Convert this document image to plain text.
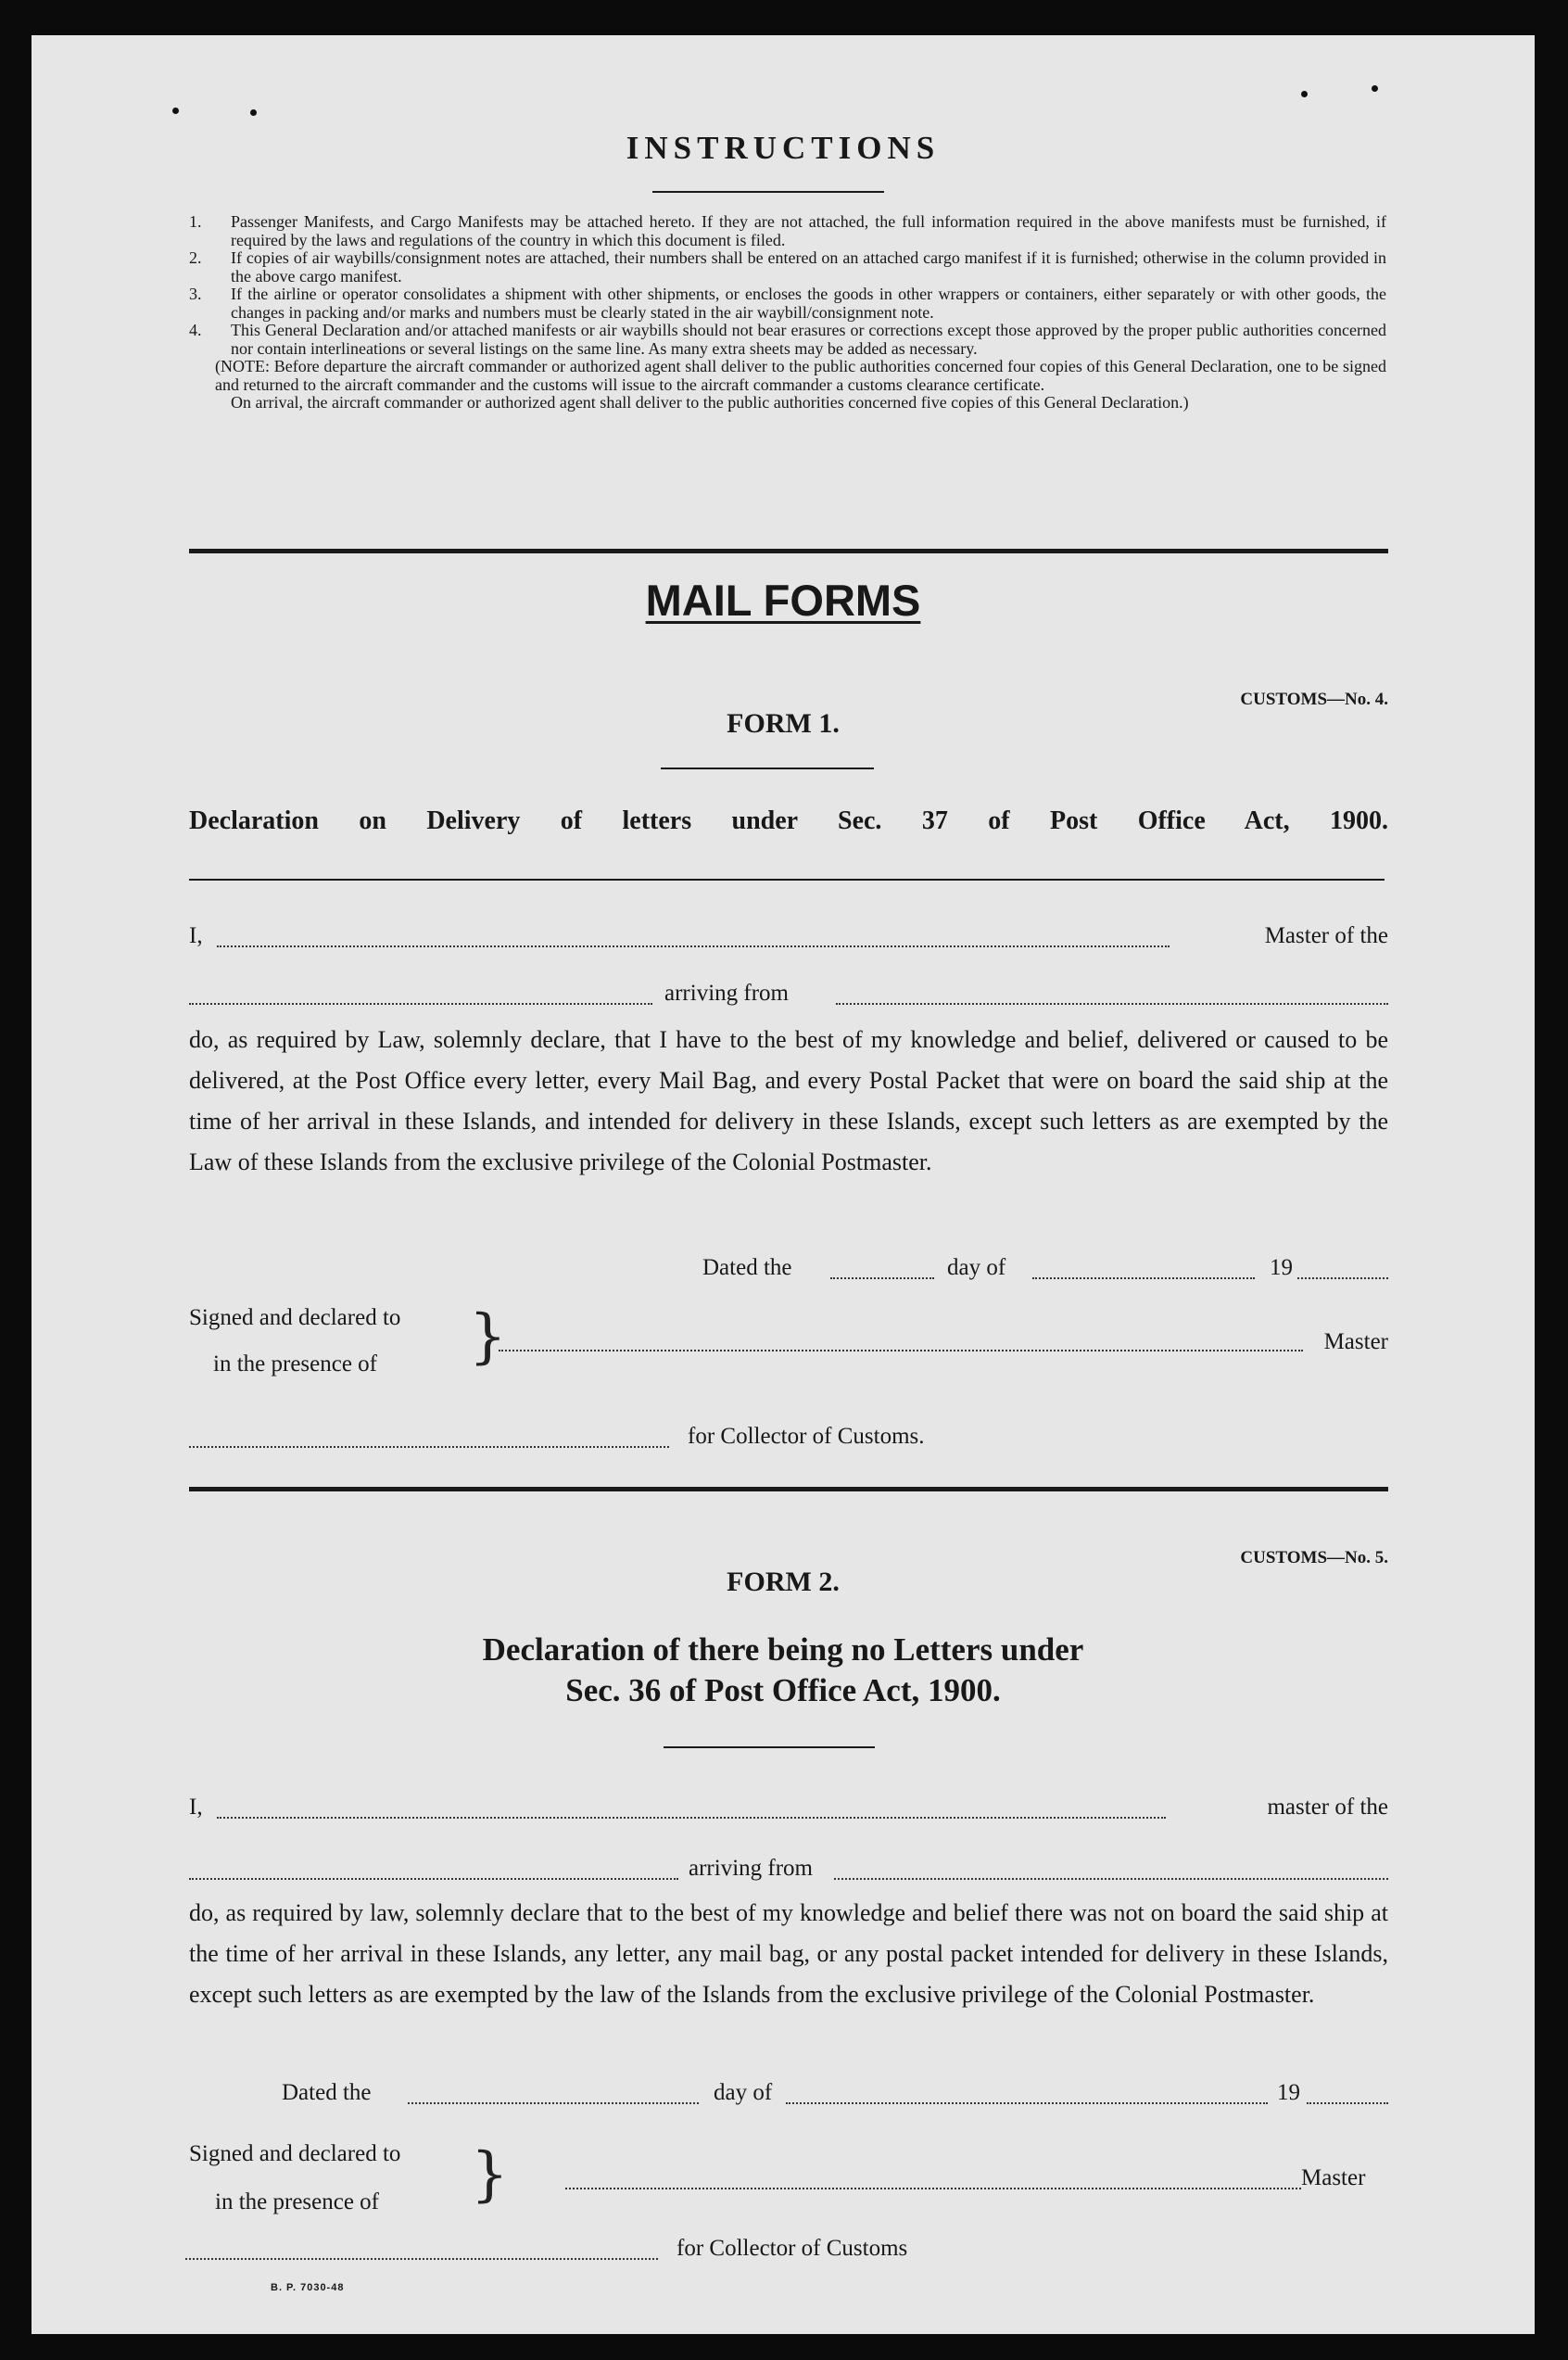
INSTRUCTIONS
1. Passenger Manifests, and Cargo Manifests may be attached hereto. If they are not attached, the full information required in the above manifests must be furnished, if required by the laws and regulations of the country in which this document is filed.
2. If copies of air waybills/consignment notes are attached, their numbers shall be entered on an attached cargo manifest if it is furnished; otherwise in the column provided in the above cargo manifest.
3. If the airline or operator consolidates a shipment with other shipments, or encloses the goods in other wrappers or containers, either separately or with other goods, the changes in packing and/or marks and numbers must be clearly stated in the air waybill/consignment note.
4. This General Declaration and/or attached manifests or air waybills should not bear erasures or corrections except those approved by the proper public authorities concerned nor contain interlineations or several listings on the same line. As many extra sheets may be added as necessary.
(NOTE: Before departure the aircraft commander or authorized agent shall deliver to the public authorities concerned four copies of this General Declaration, one to be signed and returned to the aircraft commander and the customs will issue to the aircraft commander a customs clearance certificate.
On arrival, the aircraft commander or authorized agent shall deliver to the public authorities concerned five copies of this General Declaration.)
MAIL FORMS
CUSTOMS—No. 4.
FORM 1.
Declaration on Delivery of letters under Sec. 37 of Post Office Act, 1900.
I,	Master of the
arriving from
do, as required by Law, solemnly declare, that I have to the best of my knowledge and belief, delivered or caused to be delivered, at the Post Office every letter, every Mail Bag, and every Postal Packet that were on board the said ship at the time of her arrival in these Islands, and intended for delivery in these Islands, except such letters as are exempted by the Law of these Islands from the exclusive privilege of the Colonial Postmaster.
Dated the	day of	19
Signed and declared to
in the presence of }	Master
for Collector of Customs.
CUSTOMS—No. 5.
FORM 2.
Declaration of there being no Letters under
Sec. 36 of Post Office Act, 1900.
I,	master of the
arriving from
do, as required by law, solemnly declare that to the best of my knowledge and belief there was not on board the said ship at the time of her arrival in these Islands, any letter, any mail bag, or any postal packet intended for delivery in these Islands, except such letters as are exempted by the law of the Islands from the exclusive privilege of the Colonial Postmaster.
Dated the	day of	19
Signed and declared to
in the presence of }	Master
for Collector of Customs
B. P. 7030-48
